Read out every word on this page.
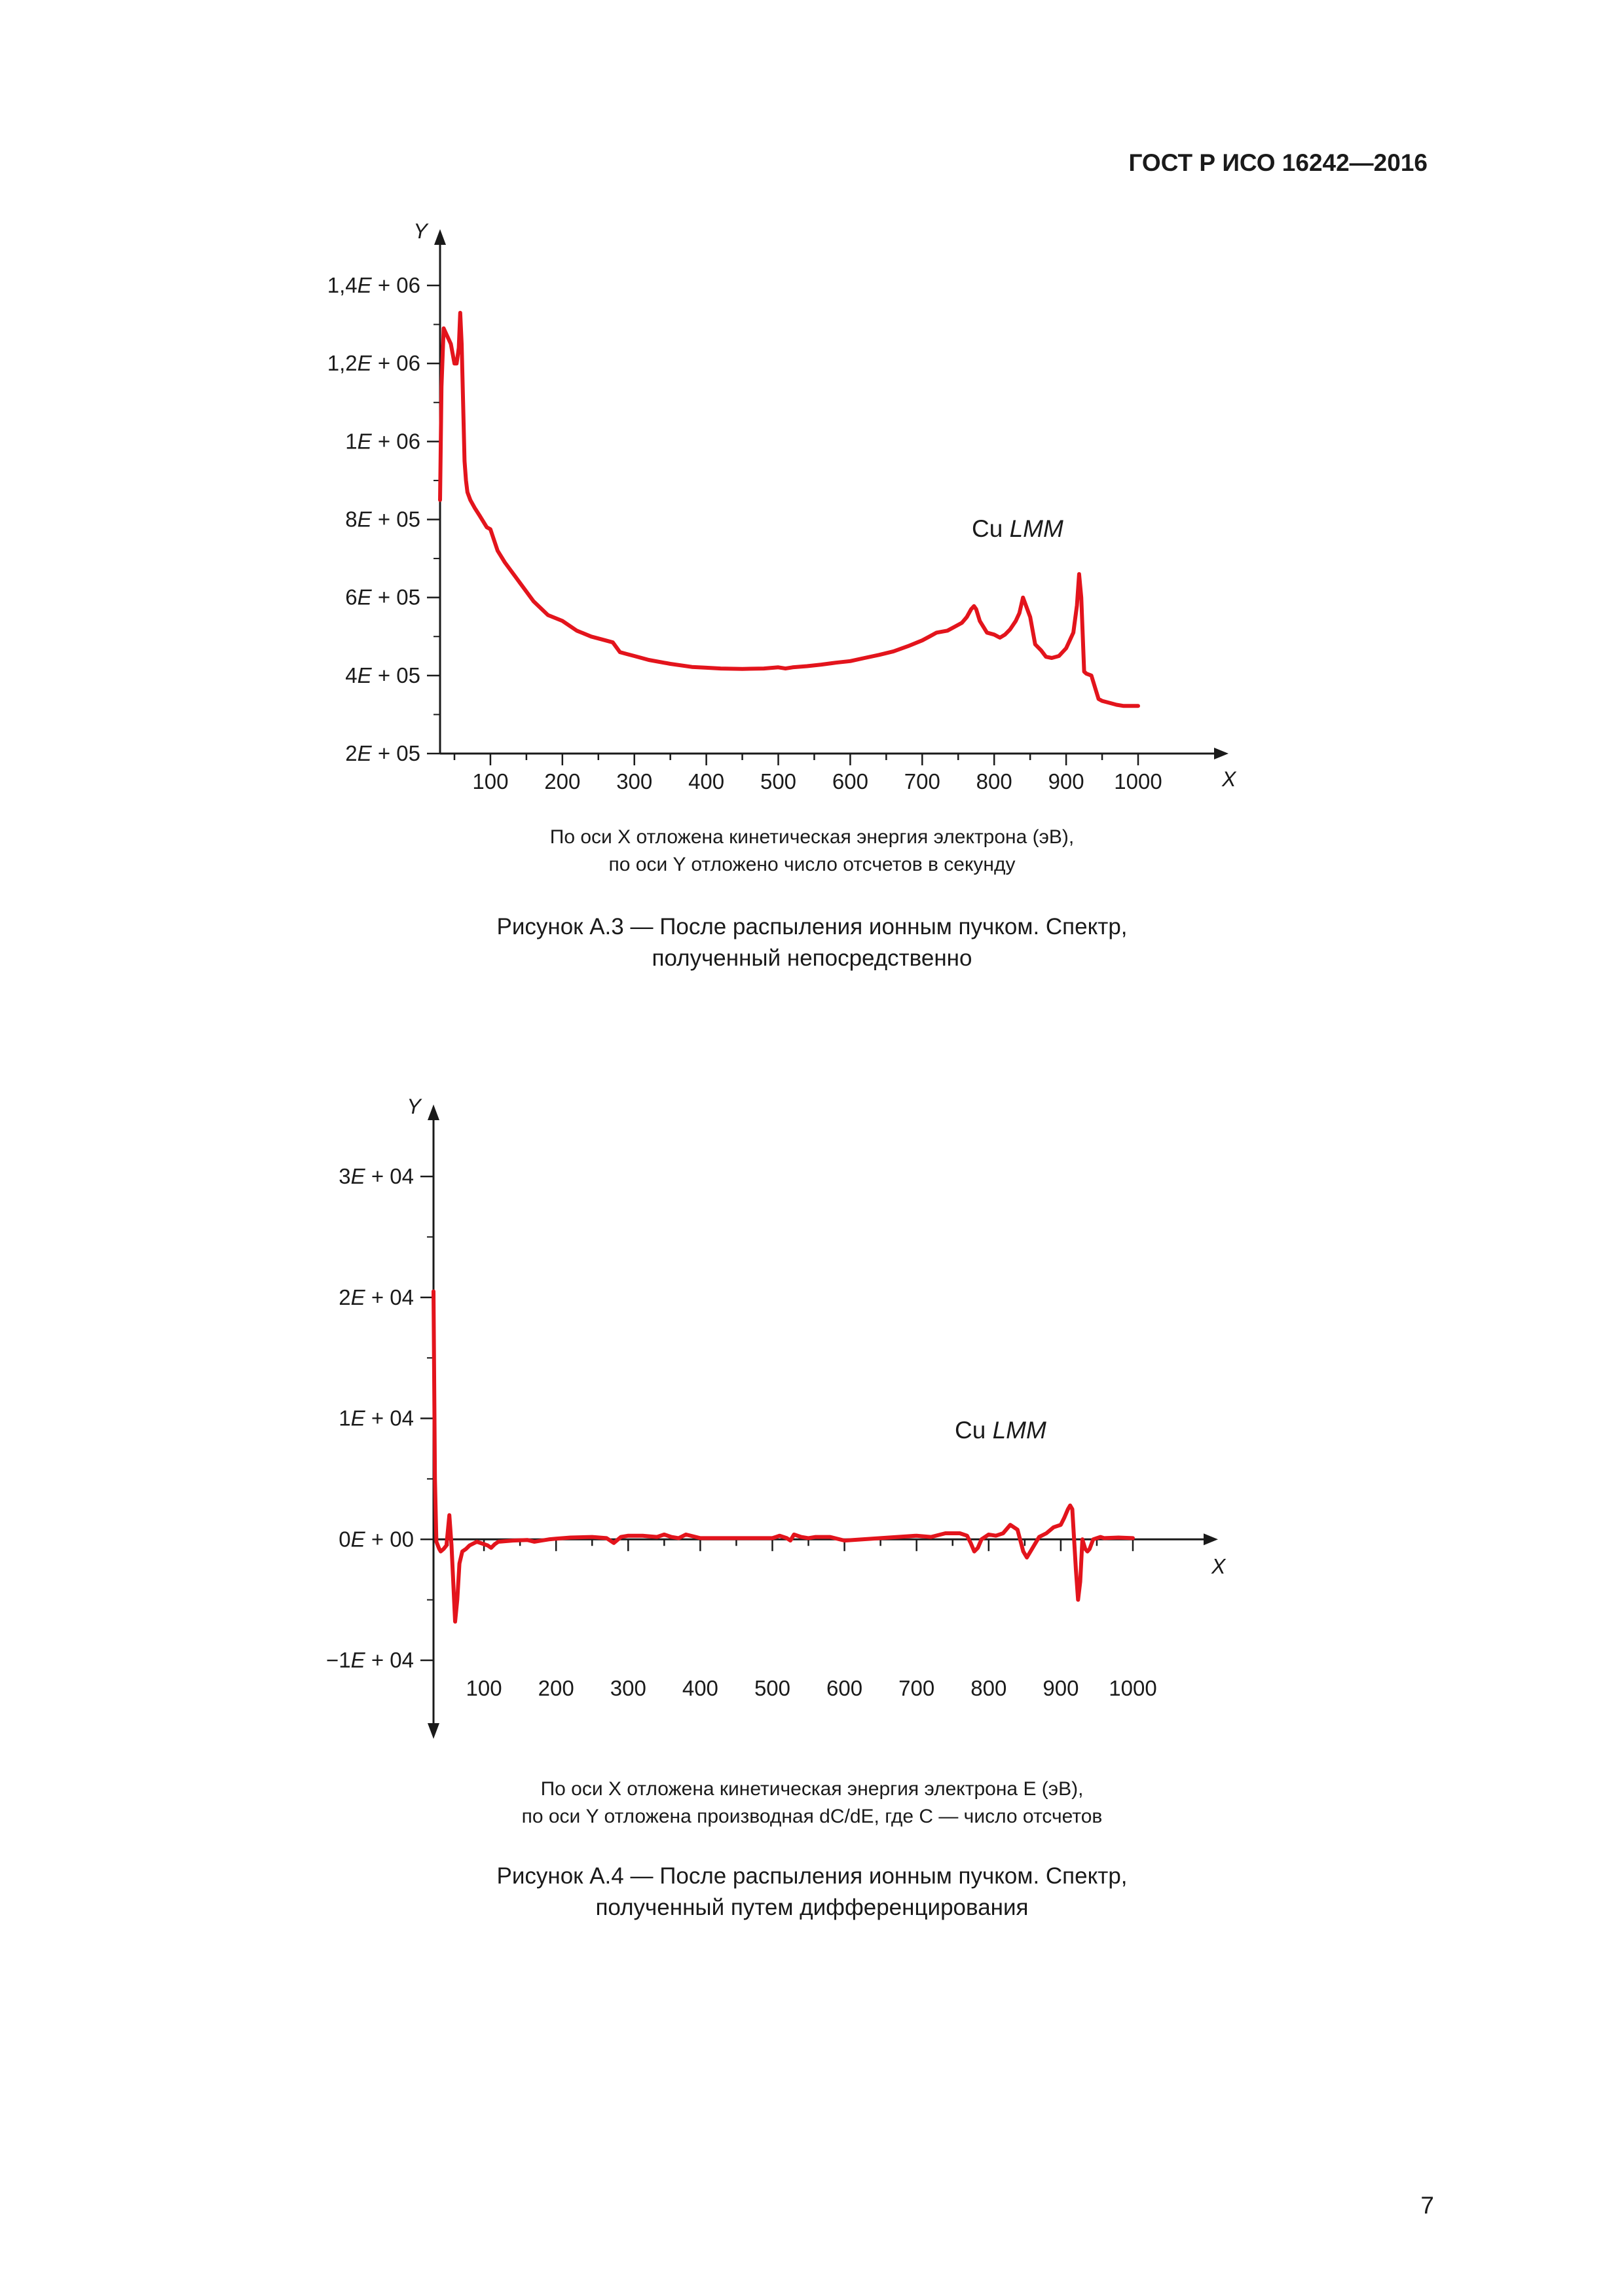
ГОСТ Р ИСО 16242—2016
X
Y
100 200 300 400 500 600 700 800 900 1000
2E + 05
4E + 05
6E + 05
8E + 05
1E + 06
1,2E + 06
1,4E + 06
Cu LMM
По оси X отложена кинетическая энергия электрона (эВ),
по оси Y отложено число отсчетов в секунду
Рисунок А.3 — После распыления ионным пучком. Спектр,
полученный непосредственно
X
Y
100 200 300 400 500 600 700 800 900 1000
−1E + 04
0E + 00
1E + 04
2E + 04
3E + 04
Cu LMM
По оси X отложена кинетическая энергия электрона E (эВ),
по оси Y отложена производная dC/dE, где C — число отсчетов
Рисунок А.4 — После распыления ионным пучком. Спектр,
полученный путем дифференцирования
7
